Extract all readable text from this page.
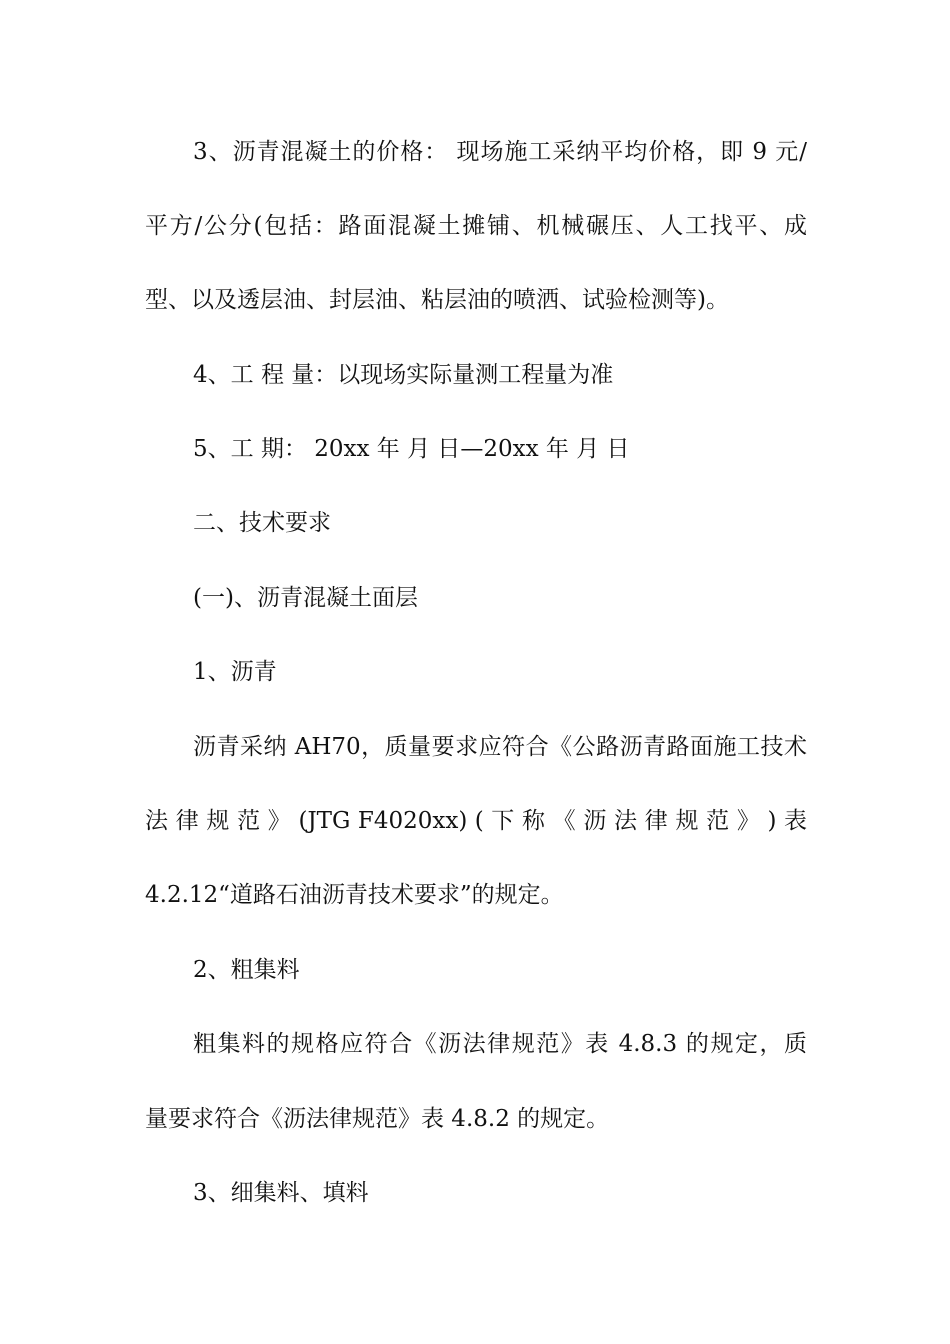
3、沥青混凝土的价格： 现场施工采纳平均价格，即 9 元/
平方/公分(包括：路面混凝土摊铺、机械碾压、人工找平、成
型、以及透层油、封层油、粘层油的喷洒、试验检测等)。
4、工 程 量：以现场实际量测工程量为准
5、工 期： 20xx 年 月 日—20xx 年 月 日
二、技术要求
(一)、沥青混凝土面层
1、沥青
沥青采纳 AH70，质量要求应符合《公路沥青路面施工技术
法 律 规 范 》 (JTG F4020xx) ( 下 称 《 沥 法 律 规 范 》 ) 表
4.2.12“道路石油沥青技术要求”的规定。
2、粗集料
粗集料的规格应符合《沥法律规范》表 4.8.3 的规定，质
量要求符合《沥法律规范》表 4.8.2 的规定。
3、细集料、填料
